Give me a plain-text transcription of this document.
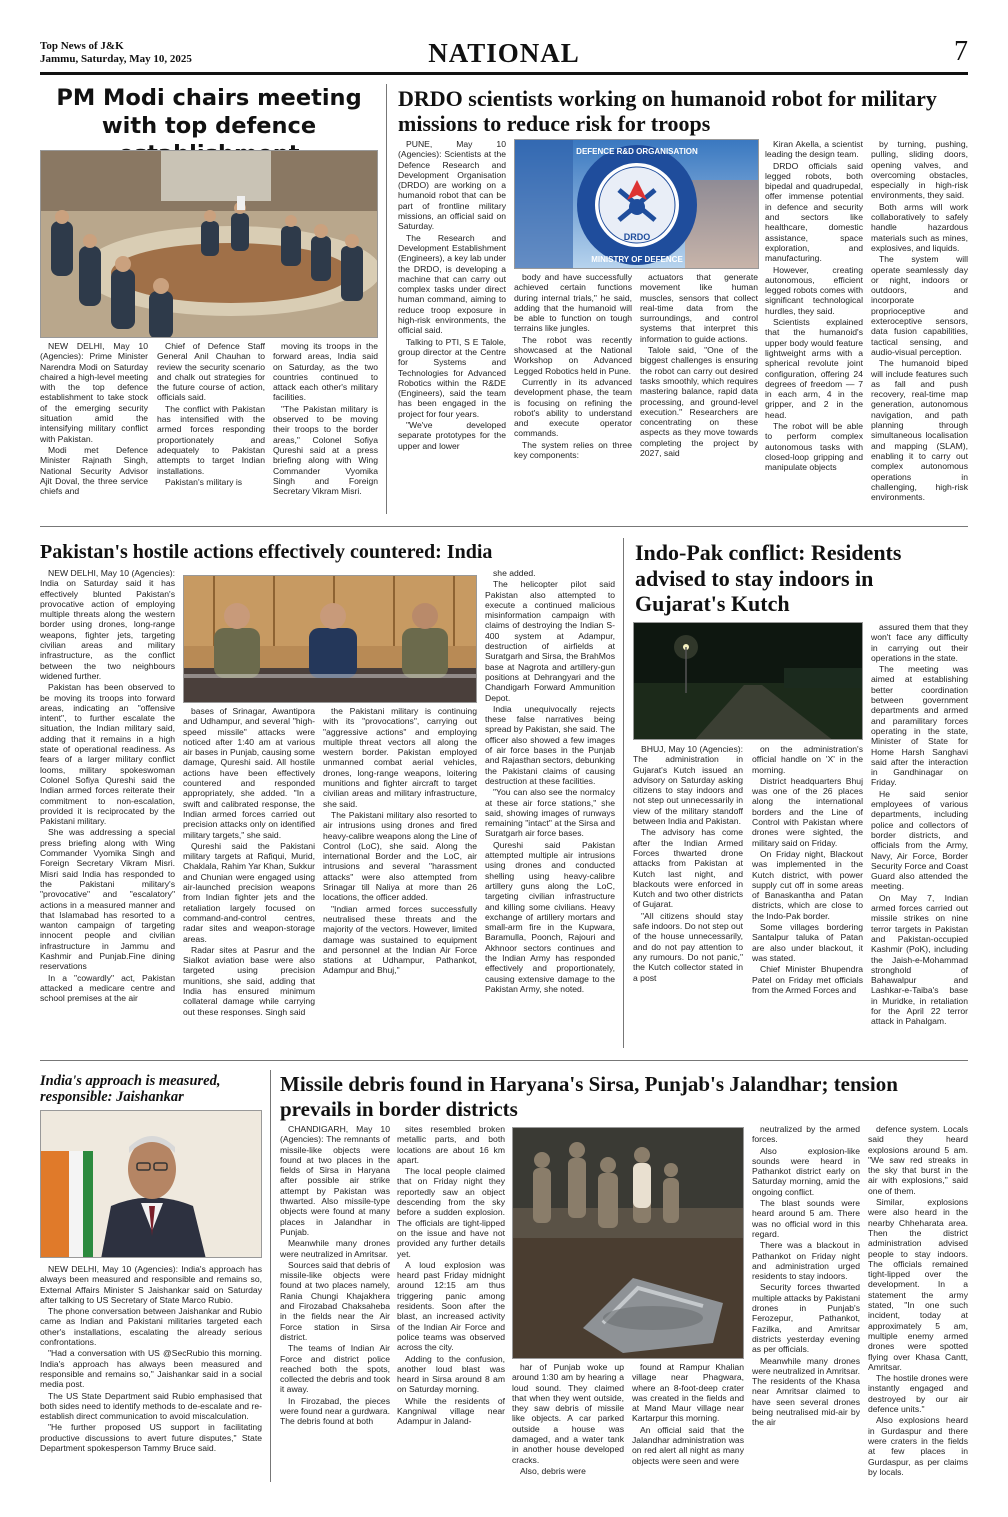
Top News of J&K
Jammu, Saturday, May 10, 2025	NATIONAL	7
PM Modi chairs meeting with top defence

NEW DELHI, May 10 (Agencies): Prime Minister Narendra Modi on Saturday chaired a high-level meeting with the top defence establishment to take stock of the emerging security situation amid the intensifying military conflict with Pakistan.

Modi met Defence Minister Rajnath Singh, National Security Advisor Ajit Doval, the three service chiefs and

Chief of Defence Staff General Anil Chauhan to review the security scenario and chalk out strategies for the future course of action, officials said.

The conflict with Pakistan has intensified with the armed forces responding proportionately and adequately to Pakistan attempts to target Indian installations.

Pakistan's military is

moving its troops in the forward areas, India said on Saturday, as the two countries continued to attack each other's military facilities.

"The Pakistan military is observed to be moving their troops to the border areas," Colonel Sofiya Qureshi said at a press briefing along with Wing Commander Vyomika Singh and Foreign Secretary Vikram Misri.

DRDO scientists working on humanoid robot for military missions to reduce risk for troops

PUNE, May 10 (Agencies): Scientists at the Defence Research and Development Organisation (DRDO) are working on a humanoid robot that can be part of frontline military missions, an official said on Saturday.

The Research and Development Establishment (Engineers), a key lab under the DRDO, is developing a machine that can carry out complex tasks under direct human command, aiming to reduce troop exposure in high-risk environments, the official said.

Talking to PTI, S E Talole, group director at the Centre for Systems and Technologies for Advanced Robotics within the R&DE (Engineers), said the team has been engaged in the project for four years.

"We've developed separate prototypes for the upper and lower

DEFENCE R&D ORGANISATION
MINISTRY OF DEFENCE
DRDO

body and have successfully achieved certain functions during internal trials," he said, adding that the humanoid will be able to function on tough terrains like jungles.

The robot was recently showcased at the National Workshop on Advanced Legged Robotics held in Pune.

Currently in its advanced development phase, the team is focusing on refining the robot's ability to understand and execute operator commands.

The system relies on three key components:

actuators that generate movement like human muscles, sensors that collect real-time data from the surroundings, and control systems that interpret this information to guide actions.

Talole said, "One of the biggest challenges is ensuring the robot can carry out desired tasks smoothly, which requires mastering balance, rapid data processing, and ground-level execution." Researchers are concentrating on these aspects as they move towards completing the project by 2027, said

Kiran Akella, a scientist leading the design team.

DRDO officials said legged robots, both bipedal and quadrupedal, offer immense potential in defence and security and sectors like healthcare, domestic assistance, space exploration, and manufacturing.

However, creating autonomous, efficient legged robots comes with significant technological hurdles, they said.

Scientists explained that the humanoid's upper body would feature lightweight arms with a spherical revolute joint configuration, offering 24 degrees of freedom — 7 in each arm, 4 in the gripper, and 2 in the head.

The robot will be able to perform complex autonomous tasks with closed-loop gripping and manipulate objects

by turning, pushing, pulling, sliding doors, opening valves, and overcoming obstacles, especially in high-risk environments, they said.

Both arms will work collaboratively to safely handle hazardous materials such as mines, explosives, and liquids.

The system will operate seamlessly day or night, indoors or outdoors, and incorporate proprioceptive and exteroceptive sensors, data fusion capabilities, tactical sensing, and audio-visual perception.

The humanoid biped will include features such as fall and push recovery, real-time map generation, autonomous navigation, and path planning through simultaneous localisation and mapping (SLAM), enabling it to carry out complex autonomous operations in challenging, high-risk environments.

Pakistan's hostile actions effectively countered: India

NEW DELHI, May 10 (Agencies): India on Saturday said it has effectively blunted Pakistan's provocative action of employing multiple threats along the western border using drones, long-range weapons, fighter jets, targeting civilian areas and military infrastructure, as the conflict between the two neighbours widened further.

Pakistan has been observed to be moving its troops into forward areas, indicating an "offensive intent", to further escalate the situation, the Indian military said, adding that it remains in a high state of operational readiness. As fears of a larger military conflict looms, military spokeswoman Colonel Sofiya Qureshi said the Indian armed forces reiterate their commitment to non-escalation, provided it is reciprocated by the Pakistani military.

She was addressing a special press briefing along with Wing Commander Vyomika Singh and Foreign Secretary Vikram Misri. Misri said India has responded to the Pakistani military's "provocative" and "escalatory" actions in a measured manner and that Islamabad has resorted to a wanton campaign of targeting innocent people and civilian infrastructure in Jammu and Kashmir and Punjab.Fine dining reservations

In a "cowardly" act, Pakistan attacked a medicare centre and school premises at the air

bases of Srinagar, Awantipora and Udhampur, and several "high-speed missile" attacks were noticed after 1:40 am at various air bases in Punjab, causing some damage, Qureshi said. All hostile actions have been effectively countered and responded appropriately, she added. "In a swift and calibrated response, the Indian armed forces carried out precision attacks only on identified military targets," she said.

Qureshi said the Pakistani military targets at Rafiqui, Murid, Chaklala, Rahim Yar Khan, Sukkur and Chunian were engaged using air-launched precision weapons from Indian fighter jets and the retaliation largely focused on command-and-control centres, radar sites and weapon-storage areas.

Radar sites at Pasrur and the Sialkot aviation base were also targeted using precision munitions, she said, adding that India has ensured minimum collateral damage while carrying out these responses. Singh said

the Pakistani military is continuing with its "provocations", carrying out "aggressive actions" and employing multiple threat vectors all along the western border. Pakistan employed unmanned combat aerial vehicles, drones, long-range weapons, loitering munitions and fighter aircraft to target civilian areas and military infrastructure, she said.

The Pakistani military also resorted to air intrusions using drones and fired heavy-calibre weapons along the Line of Control (LoC), she said. Along the international Border and the LoC, air intrusions and several "harassment attacks" were also attempted from Srinagar till Naliya at more than 26 locations, the officer added.

"Indian armed forces successfully neutralised these threats and the majority of the vectors. However, limited damage was sustained to equipment and personnel at the Indian Air Force stations at Udhampur, Pathankot, Adampur and Bhuj,"

she added.

The helicopter pilot said Pakistan also attempted to execute a continued malicious misinformation campaign with claims of destroying the Indian S-400 system at Adampur, destruction of airfields at Suratgarh and Sirsa, the BrahMos base at Nagrota and artillery-gun positions at Dehrangyari and the Chandigarh Forward Ammunition Depot.

India unequivocally rejects these false narratives being spread by Pakistan, she said. The officer also showed a few images of air force bases in the Punjab and Rajasthan sectors, debunking the Pakistani claims of causing destruction at these facilities.

"You can also see the normalcy at these air force stations," she said, showing images of runways remaining "intact" at the Sirsa and Suratgarh air force bases.

Qureshi said Pakistan attempted multiple air intrusions using drones and conducted shelling using heavy-calibre artillery guns along the LoC, targeting civilian infrastructure and killing some civilians. Heavy exchange of artillery mortars and small-arm fire in the Kupwara, Baramulla, Poonch, Rajouri and Akhnoor sectors continues and the Indian Army has responded effectively and proportionately, causing extensive damage to the Pakistan Army, she noted.

Indo-Pak conflict: Residents advised to stay indoors in Gujarat's Kutch

BHUJ, May 10 (Agencies): The administration in Gujarat's Kutch issued an advisory on Saturday asking citizens to stay indoors and not step out unnecessarily in view of the military standoff between India and Pakistan.

The advisory has come after the Indian Armed Forces thwarted drone attacks from Pakistan at Kutch last night, and blackouts were enforced in Kutch and two other districts of Gujarat.

"All citizens should stay safe indoors. Do not step out of the house unnecessarily, and do not pay attention to any rumours. Do not panic," the Kutch collector stated in a post

on the administration's official handle on 'X' in the morning.

District headquarters Bhuj was one of the 26 places along the international borders and the Line of Control with Pakistan where drones were sighted, the military said on Friday.

On Friday night, Blackout was implemented in the Kutch district, with power supply cut off in some areas of Banaskantha and Patan districts, which are close to the Indo-Pak border.

Some villages bordering Santalpur taluka of Patan are also under blackout, it was stated.

Chief Minister Bhupendra Patel on Friday met officials from the Armed Forces and

assured them that they won't face any difficulty in carrying out their operations in the state.

The meeting was aimed at establishing better coordination between government departments and armed and paramilitary forces operating in the state, Minister of State for Home Harsh Sanghavi said after the interaction in Gandhinagar on Friday.

He said senior employees of various departments, including police and collectors of border districts, and officials from the Army, Navy, Air Force, Border Security Force and Coast Guard also attended the meeting.

On May 7, Indian armed forces carried out missile strikes on nine terror targets in Pakistan and Pakistan-occupied Kashmir (PoK), including the Jaish-e-Mohammad stronghold of Bahawalpur and Lashkar-e-Taiba's base in Muridke, in retaliation for the April 22 terror attack in Pahalgam.

India's approach is measured, responsible: Jaishankar

NEW DELHI, May 10 (Agencies): India's approach has always been measured and responsible and remains so, External Affairs Minister S Jaishankar said on Saturday after talking to US Secretary of State Marco Rubio.

The phone conversation between Jaishankar and Rubio came as Indian and Pakistani militaries targeted each other's installations, escalating the already serious confrontations.

"Had a conversation with US @SecRubio this morning. India's approach has always been measured and responsible and remains so," Jaishankar said in a social media post.

The US State Department said Rubio emphasised that both sides need to identify methods to de-escalate and re-establish direct communication to avoid miscalculation.

"He further proposed US support in facilitating productive discussions to avert future disputes," State Department spokesperson Tammy Bruce said.

Missile debris found in Haryana's Sirsa, Punjab's Jalandhar; tension prevails in border districts

CHANDIGARH, May 10 (Agencies): The remnants of missile-like objects were found at two places in the fields of Sirsa in Haryana after possible air strike attempt by Pakistan was thwarted. Also missile-type objects were found at many places in Jalandhar in Punjab.

Meanwhile many drones were neutralized in Amritsar.

Sources said that debris of missile-like objects were found at two places namely, Rania Chungi Khajakhera and Firozabad Chaksaheba in the fields near the Air Force station in Sirsa district.

The teams of Indian Air Force and district police reached both the spots, collected the debris and took it away.

In Firozabad, the pieces were found near a gurdwara. The debris found at both

sites resembled broken metallic parts, and both locations are about 16 km apart.

The local people claimed that on Friday night they reportedly saw an object descending from the sky before a sudden explosion. The officials are tight-lipped on the issue and have not provided any further details yet.

A loud explosion was heard past Friday midnight around 12:15 am thus triggering panic among residents. Soon after the blast, an increased activity of the Indian Air Force and police teams was observed across the city.

Adding to the confusion, another loud blast was heard in Sirsa around 8 am on Saturday morning.

While the residents of Kangniwal village near Adampur in Jaland-

har of Punjab woke up around 1:30 am by hearing a loud sound. They claimed that when they went outside, they saw debris of missile like objects. A car parked outside a house was damaged, and a water tank in another house developed cracks.

Also, debris were

found at Rampur Khalian village near Phagwara, where an 8-foot-deep crater was created in the fields and at Mand Maur village near Kartarpur this morning.

An official said that the Jalandhar administration was on red alert all night as many objects were seen and were

neutralized by the armed forces.

Also explosion-like sounds were heard in Pathankot district early on Saturday morning, amid the ongoing conflict.

The blast sounds were heard around 5 am. There was no official word in this regard.

There was a blackout in Pathankot on Friday night and administration urged residents to stay indoors.

Security forces thwarted multiple attacks by Pakistani drones in Punjab's Ferozepur, Pathankot, Fazilka, and Amritsar districts yesterday evening as per officials.

Meanwhile many drones were neutralized in Amritsar. The residents of the Khasa near Amritsar claimed to have seen several drones being neutralised mid-air by the air

defence system. Locals said they heard explosions around 5 am. "We saw red streaks in the sky that burst in the air with explosions," said one of them.

Similar, explosions were also heard in the nearby Chheharata area. Then the district administration advised people to stay indoors. The officials remained tight-lipped over the development. In a statement the army stated, "In one such incident, today at approximately 5 am, multiple enemy armed drones were spotted flying over Khasa Cantt, Amritsar.

The hostile drones were instantly engaged and destroyed by our air defence units."

Also explosions heard in Gurdaspur and there were craters in the fields at few places in Gurdaspur, as per claims by locals.
